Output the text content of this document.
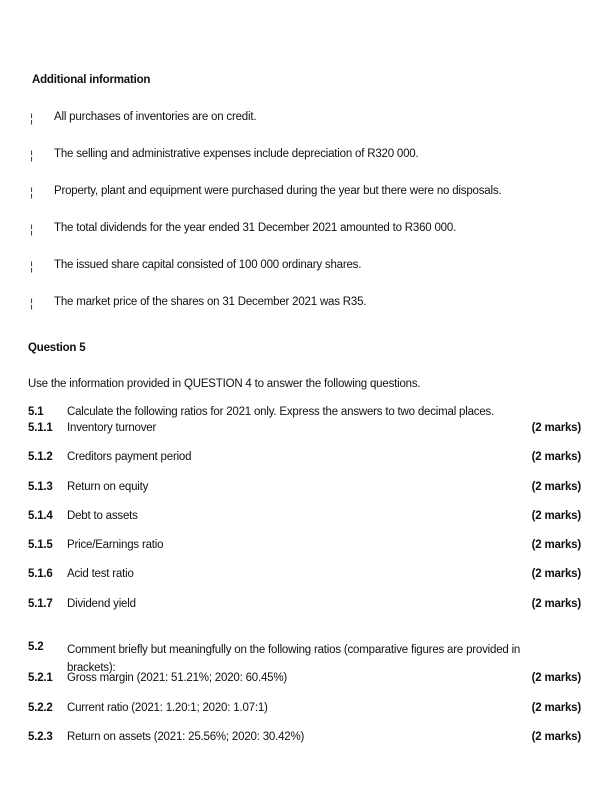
Additional information
¦ All purchases of inventories are on credit.
¦ The selling and administrative expenses include depreciation of R320 000.
¦ Property, plant and equipment were purchased during the year but there were no disposals.
¦ The total dividends for the year ended 31 December 2021 amounted to R360 000.
¦ The issued share capital consisted of 100 000 ordinary shares.
¦ The market price of the shares on 31 December 2021 was R35.
Question 5
Use the information provided in QUESTION 4 to answer the following questions.
5.1 Calculate the following ratios for 2021 only. Express the answers to two decimal places.
5.1.1 Inventory turnover	(2 marks)
5.1.2 Creditors payment period	(2 marks)
5.1.3 Return on equity	(2 marks)
5.1.4 Debt to assets	(2 marks)
5.1.5 Price/Earnings ratio	(2 marks)
5.1.6 Acid test ratio	(2 marks)
5.1.7 Dividend yield	(2 marks)
5.2 Comment briefly but meaningfully on the following ratios (comparative figures are provided in brackets):
5.2.1 Gross margin (2021: 51.21%; 2020: 60.45%)	(2 marks)
5.2.2 Current ratio (2021: 1.20:1; 2020: 1.07:1)	(2 marks)
5.2.3 Return on assets (2021: 25.56%; 2020: 30.42%)	(2 marks)
